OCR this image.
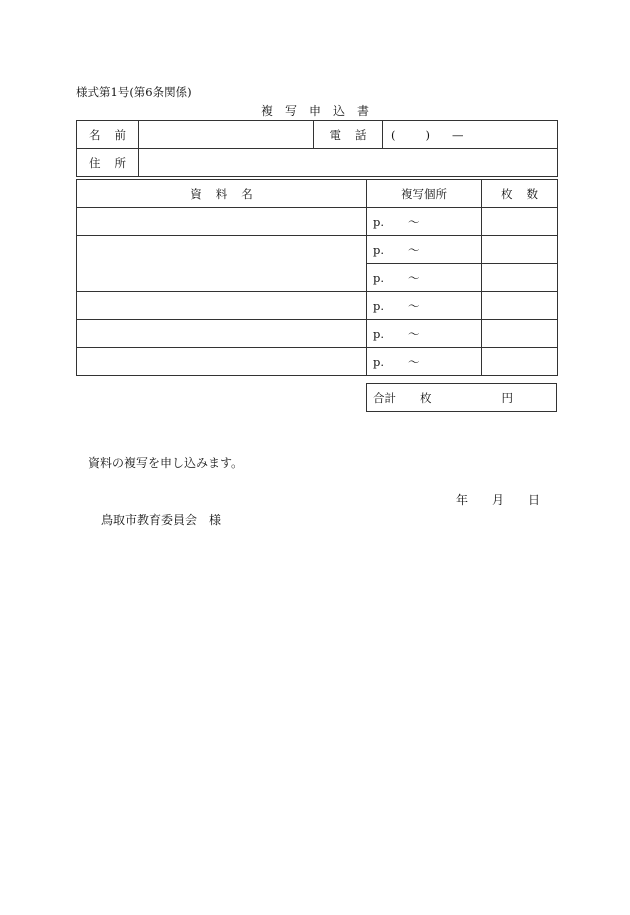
様式第1号(第6条関係)
複 写 申 込 書
名 前		電 話	( ) —
住 所			
資 料 名	複写個所	枚 数
	p. 〜	
	p. 〜	
	p. 〜	
	p. 〜	
	p. 〜	
	p. 〜	
合計 枚	円
資料の複写を申し込みます。
年 月 日
鳥取市教育委員会 様
